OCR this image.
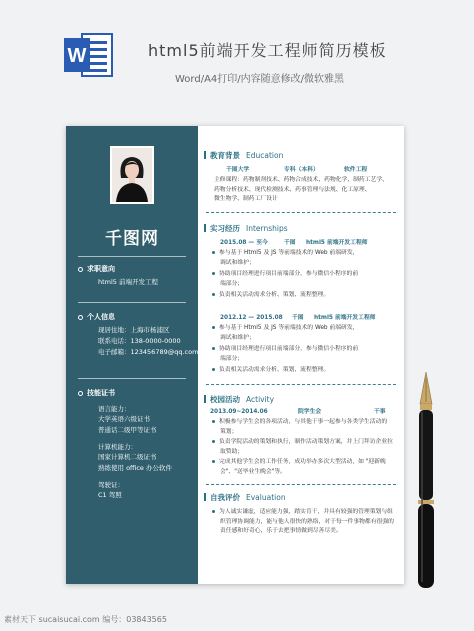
W	html5前端开发工程师简历模板
Word/A4打印/内容随意修改/微软雅黑
千图网
求职意向
html5 前端开发工程
个人信息
现居住地：上海市杨浦区
联系电话：138-0000-0000
电子邮箱：123456789@qq.com
技能证书
语言能力：
大学英语六级证书
普通话二级甲等证书
计算机能力：
国家计算机二级证书
熟练使用 office 办公软件
驾驶证：
C1 驾照
教育背景 Education
千图大学	专科（本科）	软件工程
主修课程：药物制剂技术、药物合成技术、药物化学、制药工艺学、
药物分析技术、现代检测技术、药事管理与法规、化工原理、
微生物学、制药工厂设计
实习经历 Internships
2015.08 — 至今	千图 html5 前端开发工程师
参与基于 Html5 及 JS 等前端技术的 Web 前端研发，
调试和维护；
协助项目经理进行项目前端部分，参与微信小程序的前
端部分；
负责相关活动需求分析、策划、流程整理。
2012.12 — 2015.08 千图 html5 前端开发工程师
参与基于 Html5 及 JS 等前端技术的 Web 前端研发，
调试和维护；
协助项目经理进行项目前端部分，参与微信小程序的前
端部分；
负责相关活动需求分析、策划、流程整理。
校园活动 Activity
2013.09~2014.06	院学生会	干事
积极参与学生会的各项活动，与其他干事一起参与各类学生活动的
策划；
负责学院活动的策划和执行，制作活动策划方案，并上门拜访企业拉
取赞助；
完成其他学生会的工作任务，成功举办多次大型活动，如 "迎新晚
会"、"送毕业生晚会"等。
自我评价 Evaluation
为人诚实谦虚，适应能力强，踏实肯干，并具有较强的管理策划与组
织管理协调能力，能与他人很快的熟络，对于每一件事物都有很强的
责任感和好奇心，乐于去把事情做到尽善尽美。
素材天下 sucaisucai.com 编号：03843565
